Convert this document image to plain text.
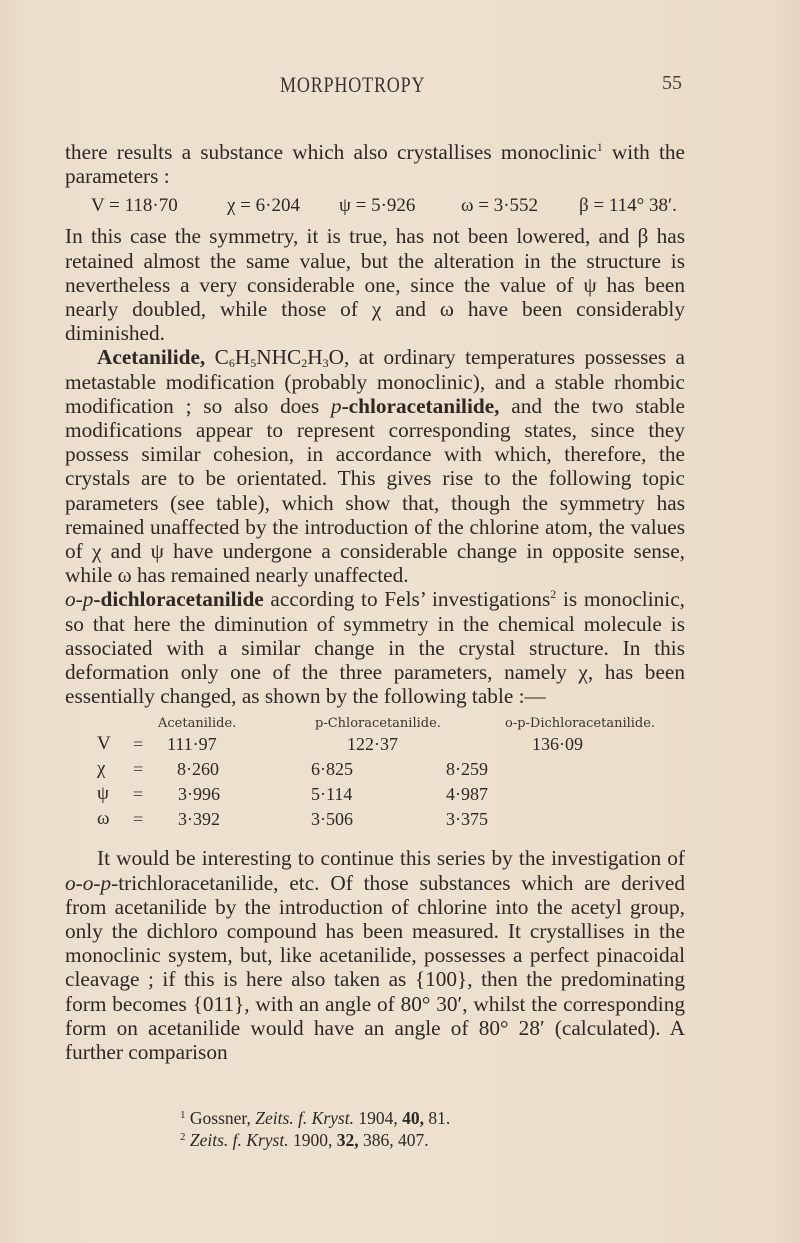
MORPHOTROPY	55

there results a substance which also crystallises monoclinic$^1$ with the parameters :

V = 118·70	χ = 6·204	ψ = 5·926	ω = 3·552	β = 114° 38′.

In this case the symmetry, it is true, has not been lowered, and β has retained almost the same value, but the alteration in the structure is nevertheless a very considerable one, since the value of ψ has been nearly doubled, while those of χ and ω have been considerably diminished.

Acetanilide, $C_6H_5NHC_2H_3O$, at ordinary temperatures possesses a metastable modification (probably monoclinic), and a stable rhombic modification ; so also does p-chloracetanilide, and the two stable modifications appear to represent corresponding states, since they possess similar cohesion, in accordance with which, therefore, the crystals are to be orientated. This gives rise to the following topic parameters (see table), which show that, though the symmetry has remained unaffected by the introduction of the chlorine atom, the values of χ and ψ have undergone a considerable change in opposite sense, while ω has remained nearly unaffected.

o-p-dichloracetanilide according to Fels’ investigations$^2$ is monoclinic, so that here the diminution of symmetry in the chemical molecule is associated with a similar change in the crystal structure. In this deformation only one of the three parameters, namely χ, has been essentially changed, as shown by the following table :—

Acetanilide.	p-Chloracetanilide.	o-p-Dichloracetanilide.
V = 111·97	122·37	136·09
χ = 8·260	6·825	8·259
ψ = 3·996	5·114	4·987
ω = 3·392	3·506	3·375

It would be interesting to continue this series by the investigation of o-o-p-trichloracetanilide, etc. Of those substances which are derived from acetanilide by the introduction of chlorine into the acetyl group, only the dichloro compound has been measured. It crystallises in the monoclinic system, but, like acetanilide, possesses a perfect pinacoidal cleavage ; if this is here also taken as {100}, then the predominating form becomes {011}, with an angle of 80° 30′, whilst the corresponding form on acetanilide would have an angle of 80° 28′ (calculated). A further comparison

$^1$ Gossner, Zeits. f. Kryst. 1904, 40, 81.

$^2$ Zeits. f. Kryst. 1900, 32, 386, 407.
